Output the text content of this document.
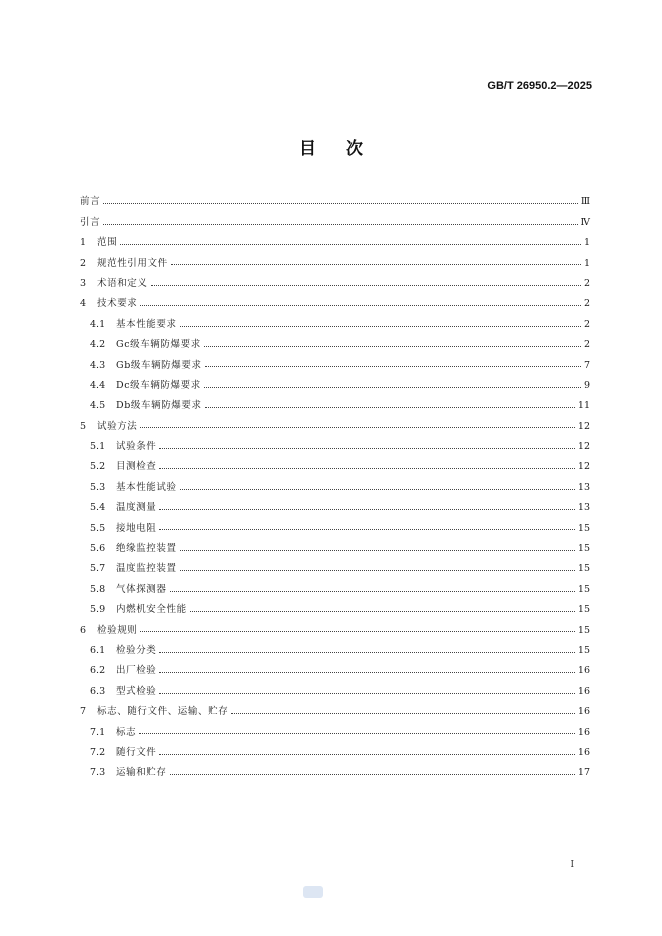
GB/T 26950.2—2025
目次
前言	Ⅲ
引言	Ⅳ
1	范围	1
2	规范性引用文件	1
3	术语和定义	2
4	技术要求	2
4.1	基本性能要求	2
4.2	Gc级车辆防爆要求	2
4.3	Gb级车辆防爆要求	7
4.4	Dc级车辆防爆要求	9
4.5	Db级车辆防爆要求	11
5	试验方法	12
5.1	试验条件	12
5.2	目测检查	12
5.3	基本性能试验	13
5.4	温度测量	13
5.5	接地电阻	15
5.6	绝缘监控装置	15
5.7	温度监控装置	15
5.8	气体探测器	15
5.9	内燃机安全性能	15
6	检验规则	15
6.1	检验分类	15
6.2	出厂检验	16
6.3	型式检验	16
7	标志、随行文件、运输、贮存	16
7.1	标志	16
7.2	随行文件	16
7.3	运输和贮存	17
Ⅰ
